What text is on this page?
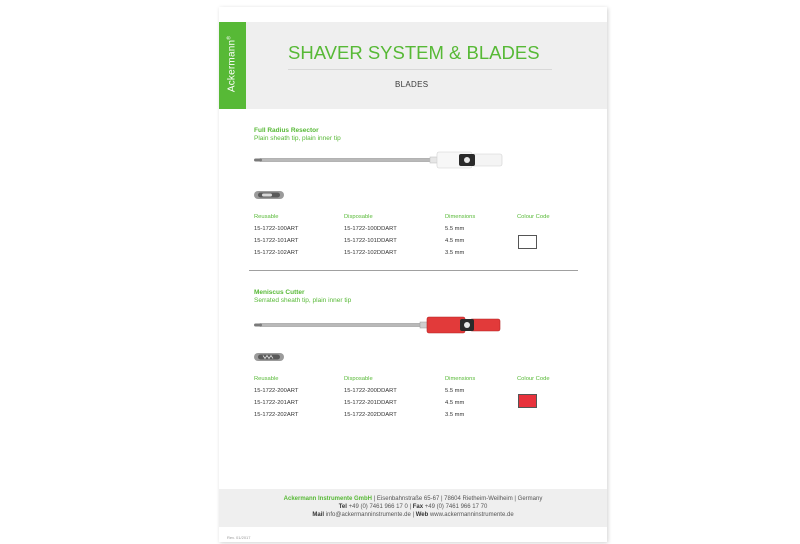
Ackermann®
SHAVER SYSTEM & BLADES
BLADES
Full Radius Resector
Plain sheath tip, plain inner tip
Reusable	Disposable	Dimensions	Colour Code
15-1722-100ART	15-1722-100DDART	5.5 mm
15-1722-101ART	15-1722-101DDART	4.5 mm
15-1722-102ART	15-1722-102DDART	3.5 mm
Meniscus Cutter
Serrated sheath tip, plain inner tip
Reusable	Disposable	Dimensions	Colour Code
15-1722-200ART	15-1722-200DDART	5.5 mm
15-1722-201ART	15-1722-201DDART	4.5 mm
15-1722-202ART	15-1722-202DDART	3.5 mm
Ackermann Instrumente GmbH | Eisenbahnstraße 65-67 | 78604 Rietheim-Weilheim | Germany
Tel +49 (0) 7461 966 17 0 | Fax +49 (0) 7461 966 17 70
Mail info@ackermanninstrumente.de | Web www.ackermanninstrumente.de
Rev. 01/2017
